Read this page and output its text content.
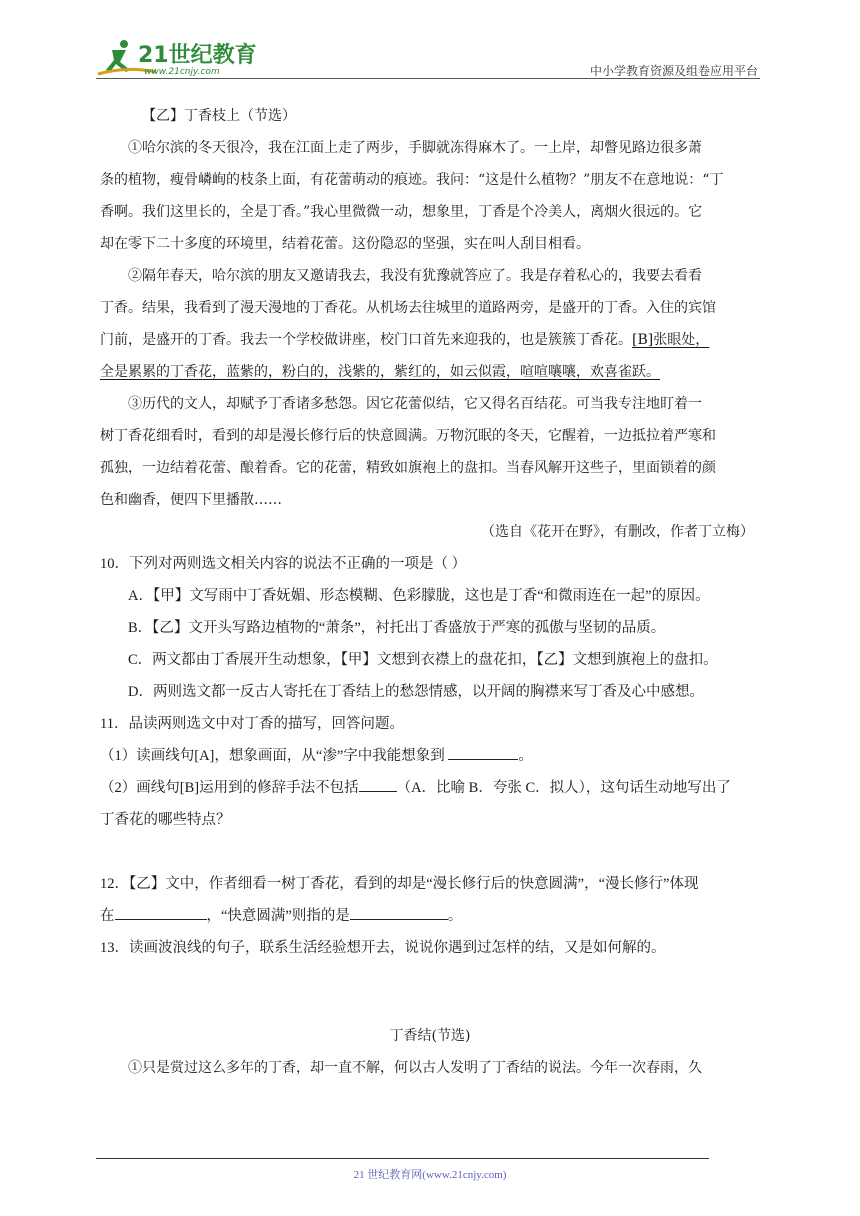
21世纪教育
www.21cnjy.com	中小学教育资源及组卷应用平台

【乙】丁香枝上（节选）

①哈尔滨的冬天很冷，我在江面上走了两步，手脚就冻得麻木了。一上岸，却瞥见路边很多萧

条的植物，瘦骨嶙峋的枝条上面，有花蕾萌动的痕迹。我问：“这是什么植物？”朋友不在意地说：“丁

香啊。我们这里长的，全是丁香。”我心里微微一动，想象里，丁香是个冷美人，离烟火很远的。它

却在零下二十多度的环境里，结着花蕾。这份隐忍的坚强，实在叫人刮目相看。

②隔年春天，哈尔滨的朋友又邀请我去，我没有犹豫就答应了。我是存着私心的，我要去看看

丁香。结果，我看到了漫天漫地的丁香花。从机场去往城里的道路两旁，是盛开的丁香。入住的宾馆

门前，是盛开的丁香。我去一个学校做讲座，校门口首先来迎我的，也是簇簇丁香花。[B]张眼处，

全是累累的丁香花，蓝紫的，粉白的，浅紫的，紫红的，如云似霞，喧喧嚷嚷，欢喜雀跃。

③历代的文人，却赋予丁香诸多愁怨。因它花蕾似结，它又得名百结花。可当我专注地盯着一

树丁香花细看时，看到的却是漫长修行后的快意圆满。万物沉眠的冬天，它醒着，一边抵拉着严寒和

孤独，一边结着花蕾、酿着香。它的花蕾，精致如旗袍上的盘扣。当春风解开这些子，里面锁着的颜

色和幽香，便四下里播散……

（选自《花开在野》，有删改，作者丁立梅）

10．下列对两则选文相关内容的说法不正确的一项是（ ）

A．【甲】文写雨中丁香妩媚、形态模糊、色彩朦胧，这也是丁香“和微雨连在一起”的原因。

B．【乙】文开头写路边植物的“萧条”，衬托出丁香盛放于严寒的孤傲与坚韧的品质。

C．两文都由丁香展开生动想象，【甲】文想到衣襟上的盘花扣，【乙】文想到旗袍上的盘扣。

D．两则选文都一反古人寄托在丁香结上的愁怨情感，以开阔的胸襟来写丁香及心中感想。

11．品读两则选文中对丁香的描写，回答问题。

（1）读画线句[A]，想象画面，从“渗”字中我能想象到	。

（2）画线句[B]运用到的修辞手法不包括	（A．比喻 B．夸张 C．拟人），这句话生动地写出了

丁香花的哪些特点？

12．【乙】文中，作者细看一树丁香花，看到的却是“漫长修行后的快意圆满”，“漫长修行”体现

在	，“快意圆满”则指的是	。

13．读画波浪线的句子，联系生活经验想开去，说说你遇到过怎样的结，又是如何解的。

丁香结(节选)

①只是赏过这么多年的丁香，却一直不解，何以古人发明了丁香结的说法。今年一次春雨，久

21 世纪教育网(www.21cnjy.com)
